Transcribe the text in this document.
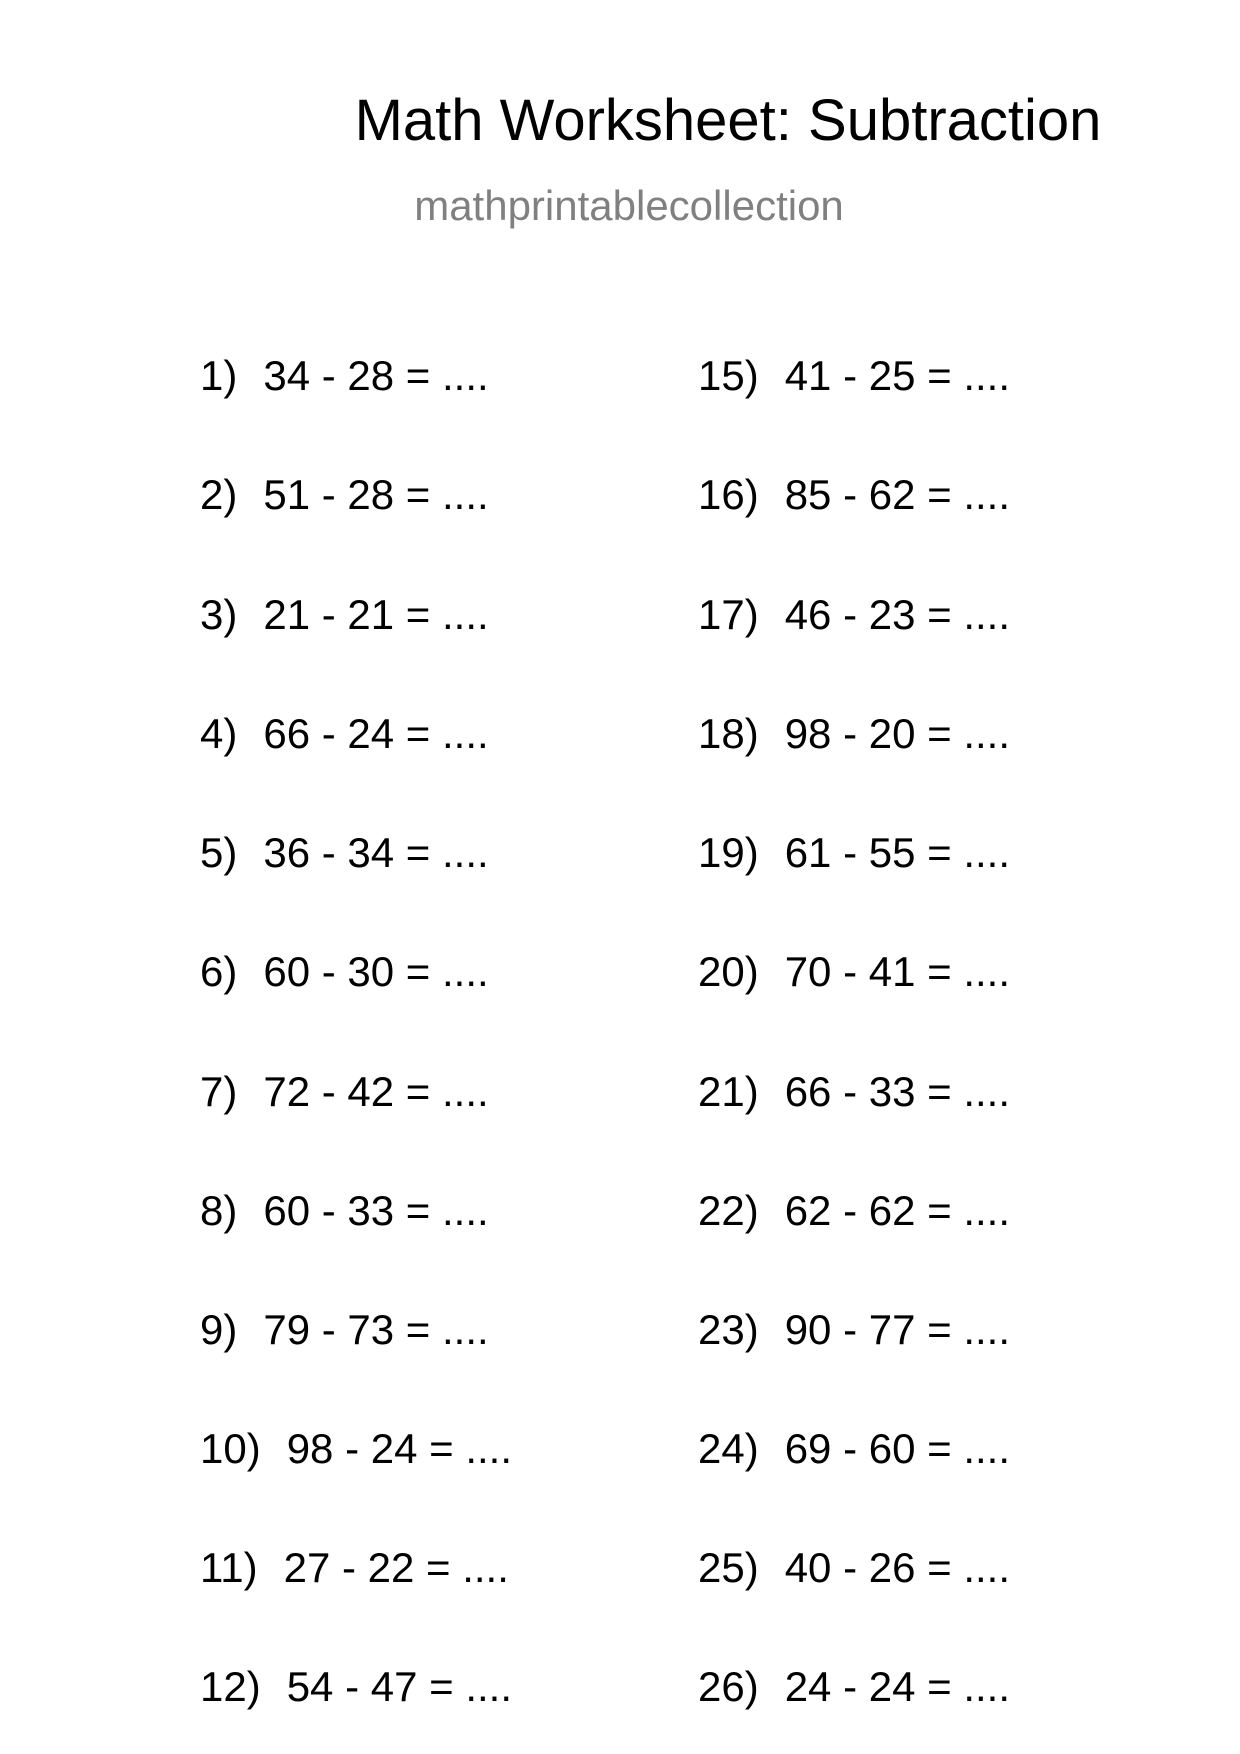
Math Worksheet: Subtraction
mathprintablecollection
1) 34 - 28 = ....
2) 51 - 28 = ....
3) 21 - 21 = ....
4) 66 - 24 = ....
5) 36 - 34 = ....
6) 60 - 30 = ....
7) 72 - 42 = ....
8) 60 - 33 = ....
9) 79 - 73 = ....
10) 98 - 24 = ....
11) 27 - 22 = ....
12) 54 - 47 = ....
15) 41 - 25 = ....
16) 85 - 62 = ....
17) 46 - 23 = ....
18) 98 - 20 = ....
19) 61 - 55 = ....
20) 70 - 41 = ....
21) 66 - 33 = ....
22) 62 - 62 = ....
23) 90 - 77 = ....
24) 69 - 60 = ....
25) 40 - 26 = ....
26) 24 - 24 = ....
